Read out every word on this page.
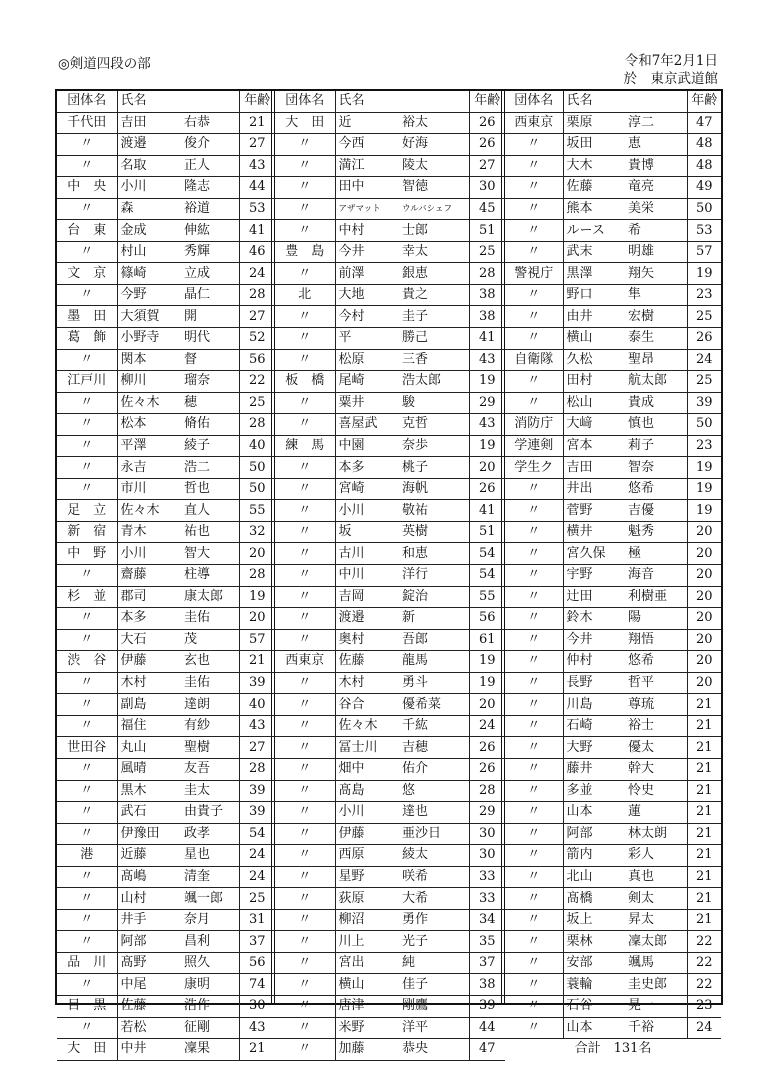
◎剣道四段の部	令和7年2月1日
於　東京武道館
団体名	氏名		年齢
千代田	吉田	右恭	21
〃	渡邉	俊介	27
〃	名取	正人	43
中　央	小川	隆志	44
〃	森	裕道	53
台　東	金成	伸紘	41
〃	村山	秀輝	46
文　京	篠崎	立成	24
〃	今野	晶仁	28
墨　田	大須賀	開	27
葛　飾	小野寺	明代	52
〃	関本	督	56
江戸川	柳川	瑠奈	22
〃	佐々木	穂	25
〃	松本	脩佑	28
〃	平澤	綾子	40
〃	永吉	浩二	50
〃	市川	哲也	50
足　立	佐々木	直人	55
新　宿	青木	祐也	32
中　野	小川	智大	20
〃	齋藤	柱導	28
杉　並	郡司	康太郎	19
〃	本多	圭佑	20
〃	大石	茂	57
渋　谷	伊藤	玄也	21
〃	木村	圭佑	39
〃	副島	達朗	40
〃	福住	有紗	43
世田谷	丸山	聖樹	27
〃	風晴	友吾	28
〃	黒木	圭太	39
〃	武石	由貴子	39
〃	伊豫田	政孝	54
港	近藤	星也	24
〃	髙嶋	清奎	24
〃	山村	颯一郎	25
〃	井手	奈月	31
〃	阿部	昌利	37
品　川	髙野	照久	56
〃	中尾	康明	74
目　黒	佐藤	浩作	30
〃	若松	征剛	43
大　田	中井	凜果	21
団体名	氏名		年齢
大　田	近	裕太	26
〃	今西	好海	26
〃	満江	陵太	27
〃	田中	智徳	30
〃	アザマット	ウルバシェフ	45
〃	中村	士郎	51
豊　島	今井	幸太	25
〃	前澤	銀恵	28
北	大地	貴之	38
〃	今村	圭子	38
〃	平	勝己	41
〃	松原	三香	43
板　橋	尾崎	浩太郎	19
〃	粟井	駿	29
〃	喜屋武	克哲	43
練　馬	中園	奈歩	19
〃	本多	桃子	20
〃	宮崎	海帆	26
〃	小川	敬祐	41
〃	坂	英樹	51
〃	古川	和恵	54
〃	中川	洋行	54
〃	吉岡	錠治	55
〃	渡邉	新	56
〃	奥村	吾郎	61
西東京	佐藤	龍馬	19
〃	木村	勇斗	19
〃	谷合	優希菜	20
〃	佐々木	千紘	24
〃	冨士川	吉穂	26
〃	畑中	佑介	26
〃	髙島	悠	28
〃	小川	達也	29
〃	伊藤	亜沙日	30
〃	西原	綾太	30
〃	星野	咲希	33
〃	荻原	大希	33
〃	柳沼	勇作	34
〃	川上	光子	35
〃	宮出	純	37
〃	横山	佳子	38
〃	唐津	剛鷹	39
〃	米野	洋平	44
〃	加藤	恭央	47
団体名	氏名		年齢
西東京	栗原	淳二	47
〃	坂田	恵	48
〃	大木	貴博	48
〃	佐藤	竜亮	49
〃	熊本	美栄	50
〃	ルース	希	53
〃	武末	明雄	57
警視庁	黒澤	翔矢	19
〃	野口	隼	23
〃	由井	宏樹	25
〃	横山	泰生	26
自衛隊	久松	聖昂	24
〃	田村	航太郎	25
〃	松山	貴成	39
消防庁	大﨑	慎也	50
学連剣	宮本	莉子	23
学生ク	吉田	智奈	19
〃	井出	悠希	19
〃	菅野	吉優	19
〃	横井	魁秀	20
〃	宮久保	極	20
〃	宇野	海音	20
〃	辻田	利樹亜	20
〃	鈴木	陽	20
〃	今井	翔悟	20
〃	仲村	悠希	20
〃	長野	哲平	20
〃	川島	尊琉	21
〃	石崎	裕士	21
〃	大野	優太	21
〃	藤井	幹大	21
〃	多並	怜史	21
〃	山本	蓮	21
〃	阿部	林太朗	21
〃	箭内	彩人	21
〃	北山	真也	21
〃	髙橋	剣太	21
〃	坂上	昇太	21
〃	栗林	凜太郎	22
〃	安部	颯馬	22
〃	蓑輪	圭史郎	22
〃	石谷	晃一	23
〃	山本	千裕	24
合計　131名			
